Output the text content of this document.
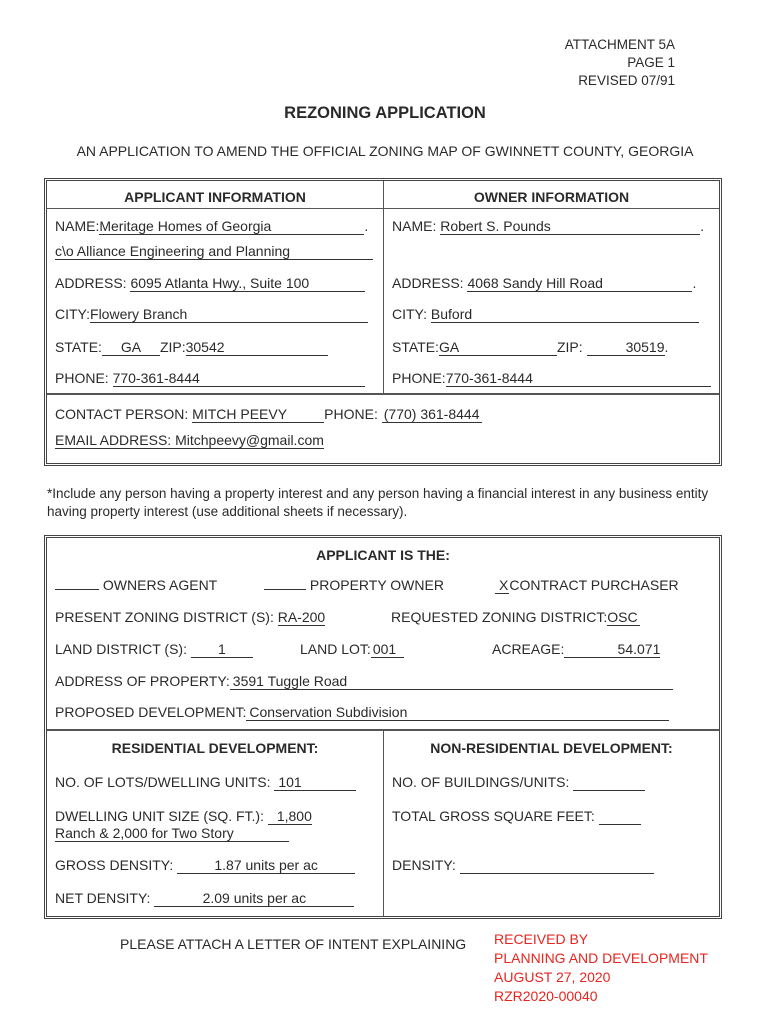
ATTACHMENT 5A
PAGE 1
REVISED 07/91
REZONING APPLICATION
AN APPLICATION TO AMEND THE OFFICIAL ZONING MAP OF GWINNETT COUNTY, GEORGIA
APPLICANT INFORMATION	OWNER INFORMATION
NAME:Meritage Homes of Georgia	.
c\o Alliance Engineering and Planning
ADDRESS: 6095 Atlanta Hwy., Suite 100
CITY:Flowery Branch
STATE: GA ZIP:30542
PHONE: 770-361-8444
NAME: Robert S. Pounds	.
ADDRESS: 4068 Sandy Hill Road	.
CITY: Buford
STATE:GA	ZIP:	30519.
PHONE:770-361-8444
CONTACT PERSON: MITCH PEEVY	PHONE: (770) 361-8444
EMAIL ADDRESS: Mitchpeevy@gmail.com
*Include any person having a property interest and any person having a financial interest in any business entity having property interest (use additional sheets if necessary).
APPLICANT IS THE:
OWNERS AGENT	PROPERTY OWNER	XCONTRACT PURCHASER
PRESENT ZONING DISTRICT (S): RA-200	REQUESTED ZONING DISTRICT:OSC
LAND DISTRICT (S): 1	LAND LOT: 001	ACREAGE:	54.071
ADDRESS OF PROPERTY: 3591 Tuggle Road
PROPOSED DEVELOPMENT: Conservation Subdivision
RESIDENTIAL DEVELOPMENT:	NON-RESIDENTIAL DEVELOPMENT:
NO. OF LOTS/DWELLING UNITS: 101
DWELLING UNIT SIZE (SQ. FT.): 1,800
Ranch & 2,000 for Two Story
GROSS DENSITY:	1.87 units per ac
NET DENSITY:	2.09 units per ac
NO. OF BUILDINGS/UNITS:
TOTAL GROSS SQUARE FEET:
DENSITY:
PLEASE ATTACH A LETTER OF INTENT EXPLAINING RECEIVED BY
PLANNING AND DEVELOPMENT
AUGUST 27, 2020
RZR2020-00040
